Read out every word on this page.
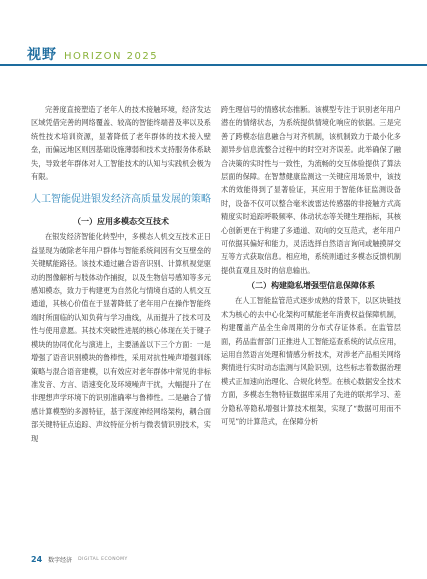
视野 HORIZON 2025

完善度直接塑造了老年人的技术接触环境，经济发达区域凭借完善的网络覆盖、较高的智能终端普及率以及系统性技术培训资源，显著降低了老年群体的技术接入壁垒，而偏远地区则因基础设施薄弱和技术支持服务体系缺失，导致老年群体对人工智能技术的认知与实践机会极为有限。

人工智能促进银发经济高质量发展的策略
（一）应用多模态交互技术

在银发经济智能化转型中，多模态人机交互技术正日益显现为破除老年用户群体与智能系统间因有交互壁垒的关键赋能路径。该技术通过融合语音识别、计算机视觉驱动的图像解析与肢体动作捕捉，以及生物信号感知等多元感知模态，致力于构建更为自然化与情境自适的人机交互通道，其核心价值在于显著降低了老年用户在操作智能终端时所面临的认知负荷与学习曲线，从而提升了技术可及性与使用意愿。其技术突破性进展的核心体现在关于键子模块的协同优化与演进上，主要涵盖以下三个方面：一是增强了语音识别模块的鲁棒性，采用对抗性噪声增强训练策略与混合语音建模，以有效应对老年群体中常见的非标准发音、方言、语速变化及环境噪声干扰，大幅提升了在非理想声学环境下的识别准确率与鲁棒性。二是融合了情感计算模型的多源特征，基于深度神经网络架构，耦合面部关键特征点追踪、声纹特征分析与微表情识别技术，实现

跨生理信号的情感状态推断。该模型专注于识别老年用户潜在的情绪状态，为系统提供情境化响应的依据。三是完善了跨模态信息融合与对齐机制，该机制致力于最小化多源异步信息流整合过程中的时空对齐误差。此举确保了融合决策的实时性与一致性，为流畅的交互体验提供了算法层面的保障。在智慧健康监测这一关键应用场景中，该技术的效能得到了显著验证，其应用于智能体征监测设备时，设备不仅可以整合毫米波雷达传感器的非接触方式高精度实时追踪呼吸频率、体动状态等关键生理指标，其核心创新更在于构建了多通道、双向的交互范式，老年用户可依据其偏好和能力，灵活选择自然语言询问或触摸屏交互等方式获取信息。相应地，系统则通过多模态反馈机制提供直观且及时的信息输出。

（二）构建隐私增强型信息保障体系

在人工智能监管范式逐步成熟的背景下，以区块链技术为核心的去中心化架构可赋能老年消费权益保障机制，构建覆盖产品全生命周期的分布式存证体系。在监管层面，药品监督部门正推进人工智能巡查系统的试点应用，运用自然语言处理和情感分析技术，对涉老产品相关网络舆情进行实时动态监测与风险识别，这些标志着数据治理模式正加速向治理化、合规化转型。在核心数据安全技术方面，多模态生物特征数据库采用了先进的联邦学习、差分隐私等隐私增强计算技术框架，实现了“数据可用而不可见”的计算范式，在保障分析

24 数字经济 DIGITAL ECONOMY
